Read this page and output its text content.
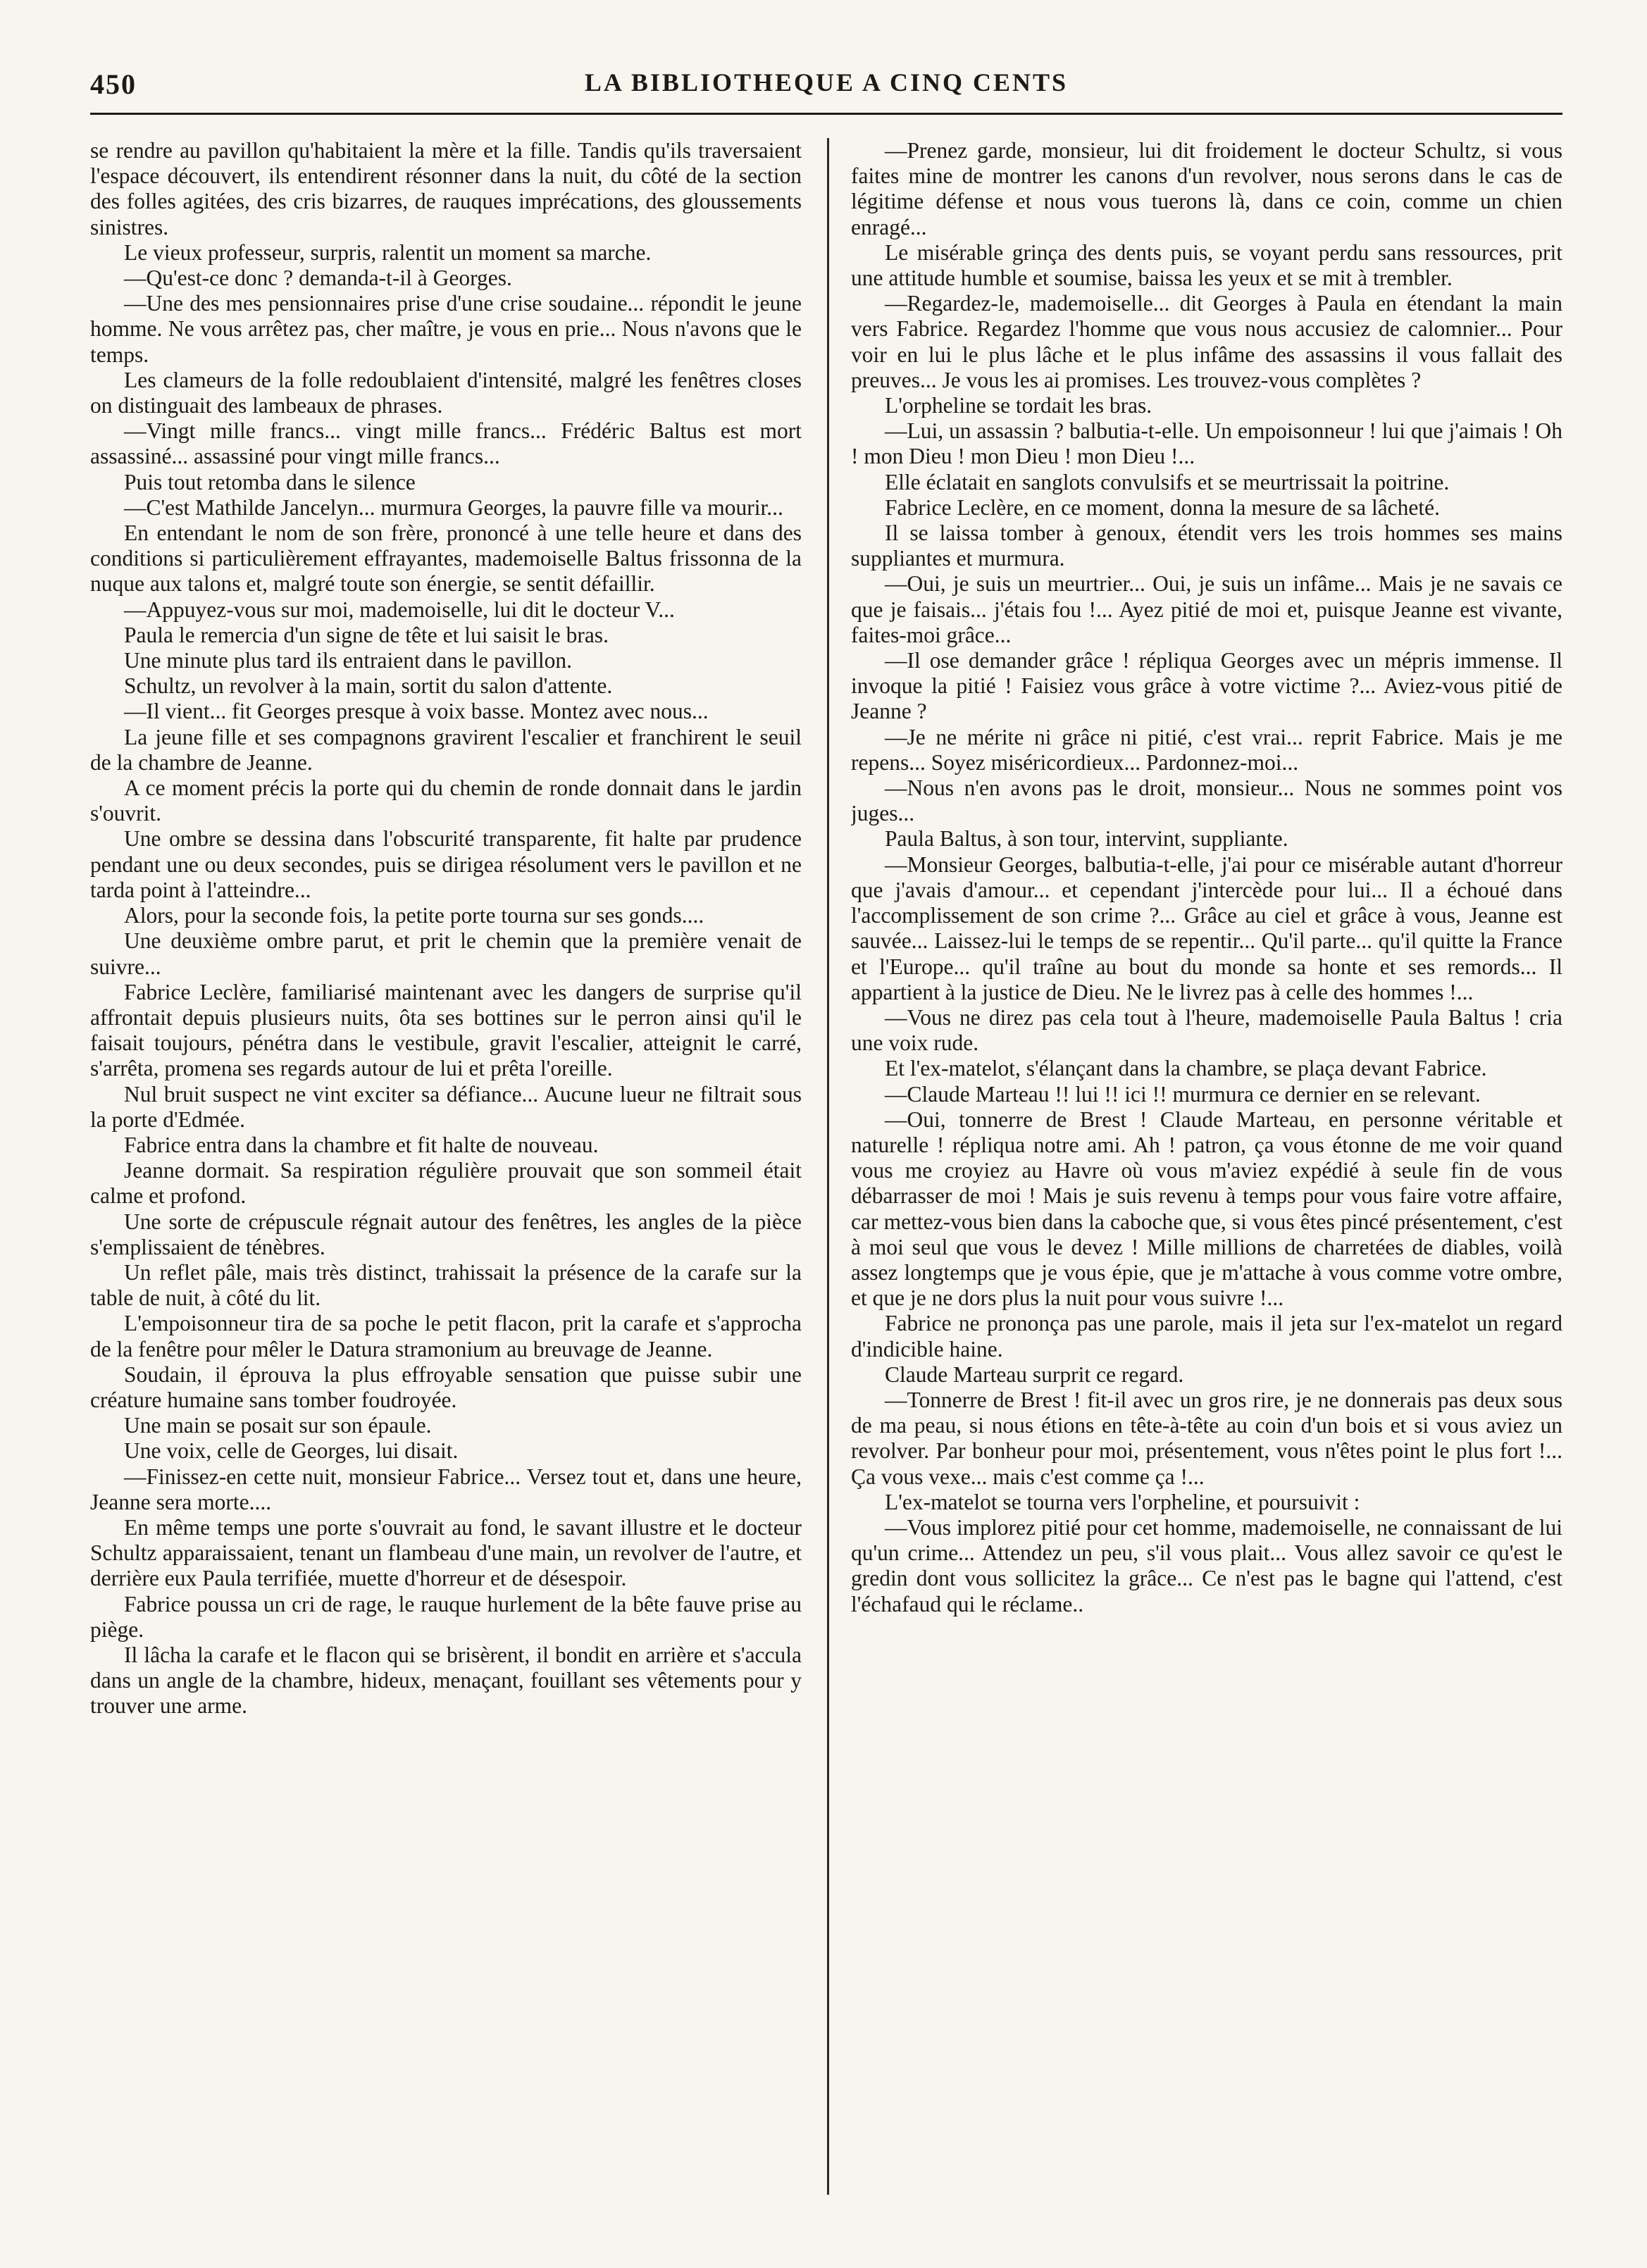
450	LA BIBLIOTHEQUE A CINQ CENTS

se rendre au pavillon qu'habitaient la mère et la fille. Tandis qu'ils traversaient l'espace découvert, ils entendirent résonner dans la nuit, du côté de la section des folles agitées, des cris bizarres, de rauques imprécations, des gloussements sinistres.

Le vieux professeur, surpris, ralentit un moment sa marche.

—Qu'est-ce donc ? demanda-t-il à Georges.

—Une des mes pensionnaires prise d'une crise soudaine... répondit le jeune homme. Ne vous arrêtez pas, cher maître, je vous en prie... Nous n'avons que le temps.

Les clameurs de la folle redoublaient d'intensité, malgré les fenêtres closes on distinguait des lambeaux de phrases.

—Vingt mille francs... vingt mille francs... Frédéric Baltus est mort assassiné... assassiné pour vingt mille francs...

Puis tout retomba dans le silence

—C'est Mathilde Jancelyn... murmura Georges, la pauvre fille va mourir...

En entendant le nom de son frère, prononcé à une telle heure et dans des conditions si particulièrement effrayantes, mademoiselle Baltus frissonna de la nuque aux talons et, malgré toute son énergie, se sentit défaillir.

—Appuyez-vous sur moi, mademoiselle, lui dit le docteur V...

Paula le remercia d'un signe de tête et lui saisit le bras.

Une minute plus tard ils entraient dans le pavillon.

Schultz, un revolver à la main, sortit du salon d'attente.

—Il vient... fit Georges presque à voix basse. Montez avec nous...

La jeune fille et ses compagnons gravirent l'escalier et franchirent le seuil de la chambre de Jeanne.

A ce moment précis la porte qui du chemin de ronde donnait dans le jardin s'ouvrit.

Une ombre se dessina dans l'obscurité transparente, fit halte par prudence pendant une ou deux secondes, puis se dirigea résolument vers le pavillon et ne tarda point à l'atteindre...

Alors, pour la seconde fois, la petite porte tourna sur ses gonds....

Une deuxième ombre parut, et prit le chemin que la première venait de suivre...

Fabrice Leclère, familiarisé maintenant avec les dangers de surprise qu'il affrontait depuis plusieurs nuits, ôta ses bottines sur le perron ainsi qu'il le faisait toujours, pénétra dans le vestibule, gravit l'escalier, atteignit le carré, s'arrêta, promena ses regards autour de lui et prêta l'oreille.

Nul bruit suspect ne vint exciter sa défiance... Aucune lueur ne filtrait sous la porte d'Edmée.

Fabrice entra dans la chambre et fit halte de nouveau.

Jeanne dormait. Sa respiration régulière prouvait que son sommeil était calme et profond.

Une sorte de crépuscule régnait autour des fenêtres, les angles de la pièce s'emplissaient de ténèbres.

Un reflet pâle, mais très distinct, trahissait la présence de la carafe sur la table de nuit, à côté du lit.

L'empoisonneur tira de sa poche le petit flacon, prit la carafe et s'approcha de la fenêtre pour mêler le Datura stramonium au breuvage de Jeanne.

Soudain, il éprouva la plus effroyable sensation que puisse subir une créature humaine sans tomber foudroyée.

Une main se posait sur son épaule.

Une voix, celle de Georges, lui disait.

—Finissez-en cette nuit, monsieur Fabrice... Versez tout et, dans une heure, Jeanne sera morte....

En même temps une porte s'ouvrait au fond, le savant illustre et le docteur Schultz apparaissaient, tenant un flambeau d'une main, un revolver de l'autre, et derrière eux Paula terrifiée, muette d'horreur et de désespoir.

Fabrice poussa un cri de rage, le rauque hurlement de la bête fauve prise au piège.

Il lâcha la carafe et le flacon qui se brisèrent, il bondit en arrière et s'accula dans un angle de la chambre, hideux, menaçant, fouillant ses vêtements pour y trouver une arme.

—Prenez garde, monsieur, lui dit froidement le docteur Schultz, si vous faites mine de montrer les canons d'un revolver, nous serons dans le cas de légitime défense et nous vous tuerons là, dans ce coin, comme un chien enragé...

Le misérable grinça des dents puis, se voyant perdu sans ressources, prit une attitude humble et soumise, baissa les yeux et se mit à trembler.

—Regardez-le, mademoiselle... dit Georges à Paula en étendant la main vers Fabrice. Regardez l'homme que vous nous accusiez de calomnier... Pour voir en lui le plus lâche et le plus infâme des assassins il vous fallait des preuves... Je vous les ai promises. Les trouvez-vous complètes ?

L'orpheline se tordait les bras.

—Lui, un assassin ? balbutia-t-elle. Un empoisonneur ! lui que j'aimais ! Oh ! mon Dieu ! mon Dieu ! mon Dieu !...

Elle éclatait en sanglots convulsifs et se meurtrissait la poitrine.

Fabrice Leclère, en ce moment, donna la mesure de sa lâcheté.

Il se laissa tomber à genoux, étendit vers les trois hommes ses mains suppliantes et murmura.

—Oui, je suis un meurtrier... Oui, je suis un infâme... Mais je ne savais ce que je faisais... j'étais fou !... Ayez pitié de moi et, puisque Jeanne est vivante, faites-moi grâce...

—Il ose demander grâce ! répliqua Georges avec un mépris immense. Il invoque la pitié ! Faisiez vous grâce à votre victime ?... Aviez-vous pitié de Jeanne ?

—Je ne mérite ni grâce ni pitié, c'est vrai... reprit Fabrice. Mais je me repens... Soyez miséricordieux... Pardonnez-moi...

—Nous n'en avons pas le droit, monsieur... Nous ne sommes point vos juges...

Paula Baltus, à son tour, intervint, suppliante.

—Monsieur Georges, balbutia-t-elle, j'ai pour ce misérable autant d'horreur que j'avais d'amour... et cependant j'intercède pour lui... Il a échoué dans l'accomplissement de son crime ?... Grâce au ciel et grâce à vous, Jeanne est sauvée... Laissez-lui le temps de se repentir... Qu'il parte... qu'il quitte la France et l'Europe... qu'il traîne au bout du monde sa honte et ses remords... Il appartient à la justice de Dieu. Ne le livrez pas à celle des hommes !...

—Vous ne direz pas cela tout à l'heure, mademoiselle Paula Baltus ! cria une voix rude.

Et l'ex-matelot, s'élançant dans la chambre, se plaça devant Fabrice.

—Claude Marteau !! lui !! ici !! murmura ce dernier en se relevant.

—Oui, tonnerre de Brest ! Claude Marteau, en personne véritable et naturelle ! répliqua notre ami. Ah ! patron, ça vous étonne de me voir quand vous me croyiez au Havre où vous m'aviez expédié à seule fin de vous débarrasser de moi ! Mais je suis revenu à temps pour vous faire votre affaire, car mettez-vous bien dans la caboche que, si vous êtes pincé présentement, c'est à moi seul que vous le devez ! Mille millions de charretées de diables, voilà assez longtemps que je vous épie, que je m'attache à vous comme votre ombre, et que je ne dors plus la nuit pour vous suivre !...

Fabrice ne prononça pas une parole, mais il jeta sur l'ex-matelot un regard d'indicible haine.

Claude Marteau surprit ce regard.

—Tonnerre de Brest ! fit-il avec un gros rire, je ne donnerais pas deux sous de ma peau, si nous étions en tête-à-tête au coin d'un bois et si vous aviez un revolver. Par bonheur pour moi, présentement, vous n'êtes point le plus fort !... Ça vous vexe... mais c'est comme ça !...

L'ex-matelot se tourna vers l'orpheline, et poursuivit :

—Vous implorez pitié pour cet homme, mademoiselle, ne connaissant de lui qu'un crime... Attendez un peu, s'il vous plait... Vous allez savoir ce qu'est le gredin dont vous sollicitez la grâce... Ce n'est pas le bagne qui l'attend, c'est l'échafaud qui le réclame..
